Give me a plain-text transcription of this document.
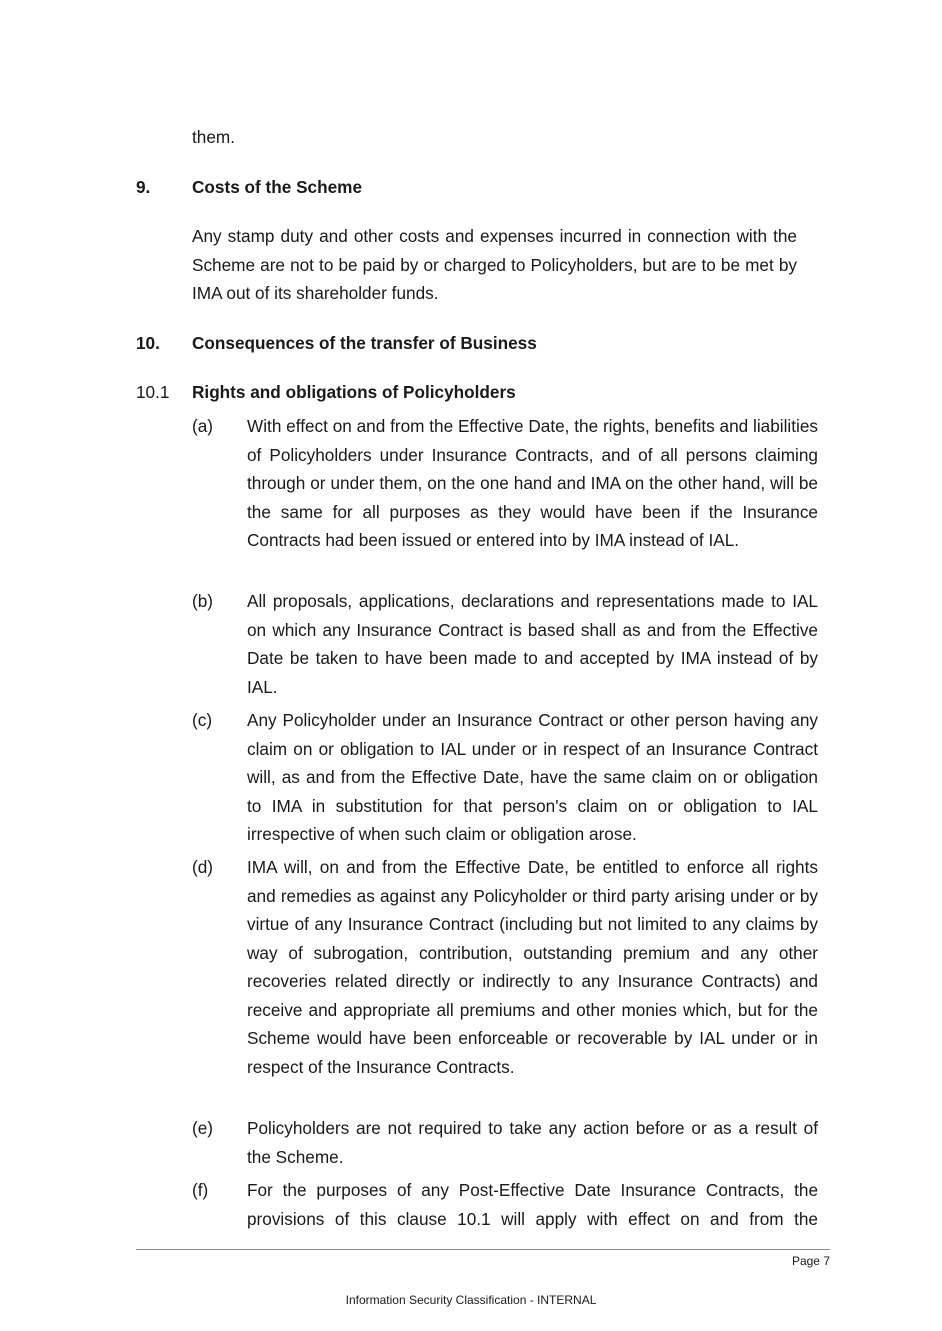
them.
9. Costs of the Scheme
Any stamp duty and other costs and expenses incurred in connection with the Scheme are not to be paid by or charged to Policyholders, but are to be met by IMA out of its shareholder funds.
10. Consequences of the transfer of Business
10.1 Rights and obligations of Policyholders
(a) With effect on and from the Effective Date, the rights, benefits and liabilities of Policyholders under Insurance Contracts, and of all persons claiming through or under them, on the one hand and IMA on the other hand, will be the same for all purposes as they would have been if the Insurance Contracts had been issued or entered into by IMA instead of IAL.
(b) All proposals, applications, declarations and representations made to IAL on which any Insurance Contract is based shall as and from the Effective Date be taken to have been made to and accepted by IMA instead of by IAL.
(c) Any Policyholder under an Insurance Contract or other person having any claim on or obligation to IAL under or in respect of an Insurance Contract will, as and from the Effective Date, have the same claim on or obligation to IMA in substitution for that person's claim on or obligation to IAL irrespective of when such claim or obligation arose.
(d) IMA will, on and from the Effective Date, be entitled to enforce all rights and remedies as against any Policyholder or third party arising under or by virtue of any Insurance Contract (including but not limited to any claims by way of subrogation, contribution, outstanding premium and any other recoveries related directly or indirectly to any Insurance Contracts) and receive and appropriate all premiums and other monies which, but for the Scheme would have been enforceable or recoverable by IAL under or in respect of the Insurance Contracts.
(e) Policyholders are not required to take any action before or as a result of the Scheme.
(f) For the purposes of any Post-Effective Date Insurance Contracts, the provisions of this clause 10.1 will apply with effect on and from the
Page 7
Information Security Classification - INTERNAL
